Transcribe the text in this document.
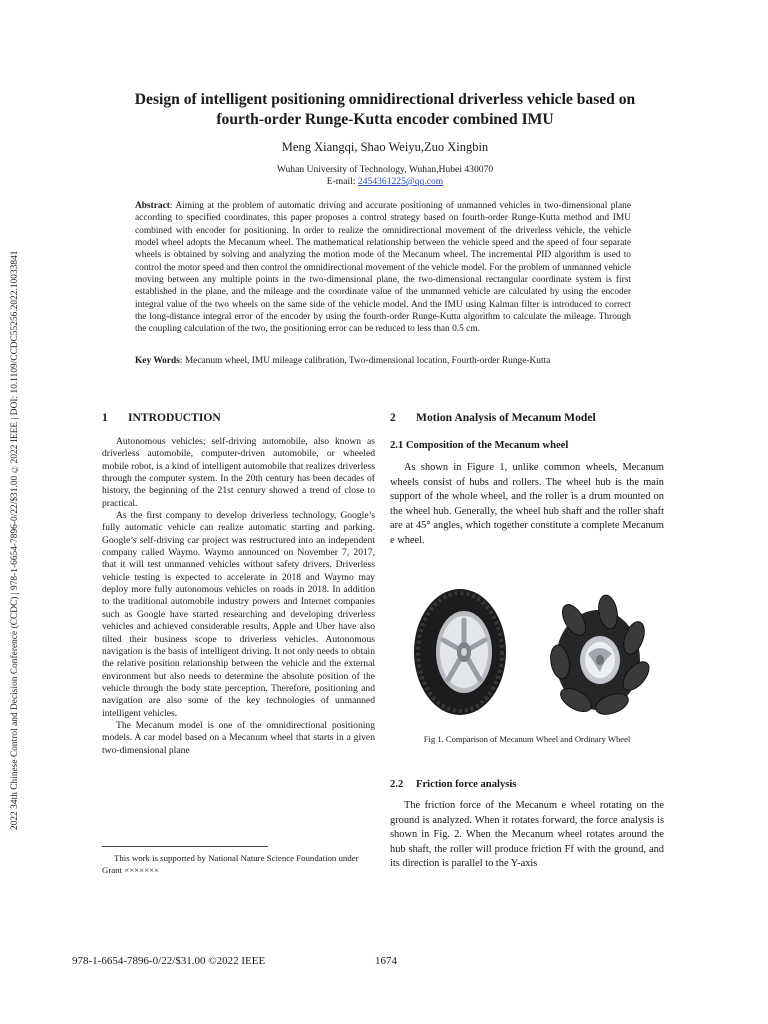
2022 34th Chinese Control and Decision Conference (CCDC) | 978-1-6654-7896-0/22/$31.00 ©2022 IEEE | DOI: 10.1109/CCDC55256.2022.10033841
Design of intelligent positioning omnidirectional driverless vehicle based on
fourth-order Runge-Kutta encoder combined IMU
Meng Xiangqi, Shao Weiyu,Zuo Xingbin
Wuhan University of Technology, Wuhan,Hubei 430070
E-mail: 2454361225@qq.com
Abstract: Aiming at the problem of automatic driving and accurate positioning of unmanned vehicles in two-dimensional plane according to specified coordinates, this paper proposes a control strategy based on fourth-order Runge-Kutta method and IMU combined with encoder for positioning. In order to realize the omnidirectional movement of the driverless vehicle, the vehicle model wheel adopts the Mecanum wheel. The mathematical relationship between the vehicle speed and the speed of four separate wheels is obtained by solving and analyzing the motion mode of the Mecanum wheel. The incremental PID algorithm is used to control the motor speed and then control the omnidirectional movement of the vehicle model. For the problem of unmanned vehicle moving between any multiple points in the two-dimensional plane, the two-dimensional rectangular coordinate system is first established in the plane, and the mileage and the coordinate value of the unmanned vehicle are calculated by using the encoder integral value of the two wheels on the same side of the vehicle model. And the IMU using Kalman filter is introduced to correct the long-distance integral error of the encoder by using the fourth-order Runge-Kutta algorithm to calculate the mileage. Through the coupling calculation of the two, the positioning error can be reduced to less than 0.5 cm.
Key Words: Mecanum wheel, IMU mileage calibration, Two-dimensional location, Fourth-order Runge-Kutta
1 INTRODUCTION

Autonomous vehicles; self-driving automobile, also known as driverless automobile, computer-driven automobile, or wheeled mobile robot, is a kind of intelligent automobile that realizes driverless through the computer system. In the 20th century has been decades of history, the beginning of the 21st century showed a trend of close to practical.

As the first company to develop driverless technology, Google’s fully automatic vehicle can realize automatic starting and parking. Google’s self-driving car project was restructured into an independent company called Waymo. Waymo announced on November 7, 2017, that it will test unmanned vehicles without safety drivers. Driverless vehicle testing is expected to accelerate in 2018 and Waymo may deploy more fully autonomous vehicles on roads in 2018. In addition to the traditional automobile industry powers and Internet companies such as Google have started researching and developing driverless vehicles and achieved considerable results, Apple and Uber have also tilted their business scope to driverless vehicles. Autonomous navigation is the basis of intelligent driving. It not only needs to obtain the relative position relationship between the vehicle and the external environment but also needs to determine the absolute position of the vehicle through the body state perception. Therefore, positioning and navigation are also some of the key technologies of unmanned intelligent vehicles.

The Mecanum model is one of the omnidirectional positioning models. A car model based on a Mecanum wheel that starts in a given two-dimensional plane

This work is supported by National Nature Science Foundation under Grant ×××××××
2 Motion Analysis of Mecanum Model
2.1 Composition of the Mecanum wheel

As shown in Figure 1, unlike common wheels, Mecanum wheels consist of hubs and rollers. The wheel hub is the main support of the whole wheel, and the roller is a drum mounted on the wheel hub. Generally, the wheel hub shaft and the roller shaft are at 45° angles, which together constitute a complete Mecanum e wheel.

Fig 1. Comparison of Mecanum Wheel and Ordinary Wheel
2.2 Friction force analysis

The friction force of the Mecanum e wheel rotating on the ground is analyzed. When it rotates forward, the force analysis is shown in Fig. 2. When the Mecanum wheel rotates around the hub shaft, the roller will produce friction Ff with the ground, and its direction is parallel to the Y-axis

978-1-6654-7896-0/22/$31.00 ©2022 IEEE	1674
